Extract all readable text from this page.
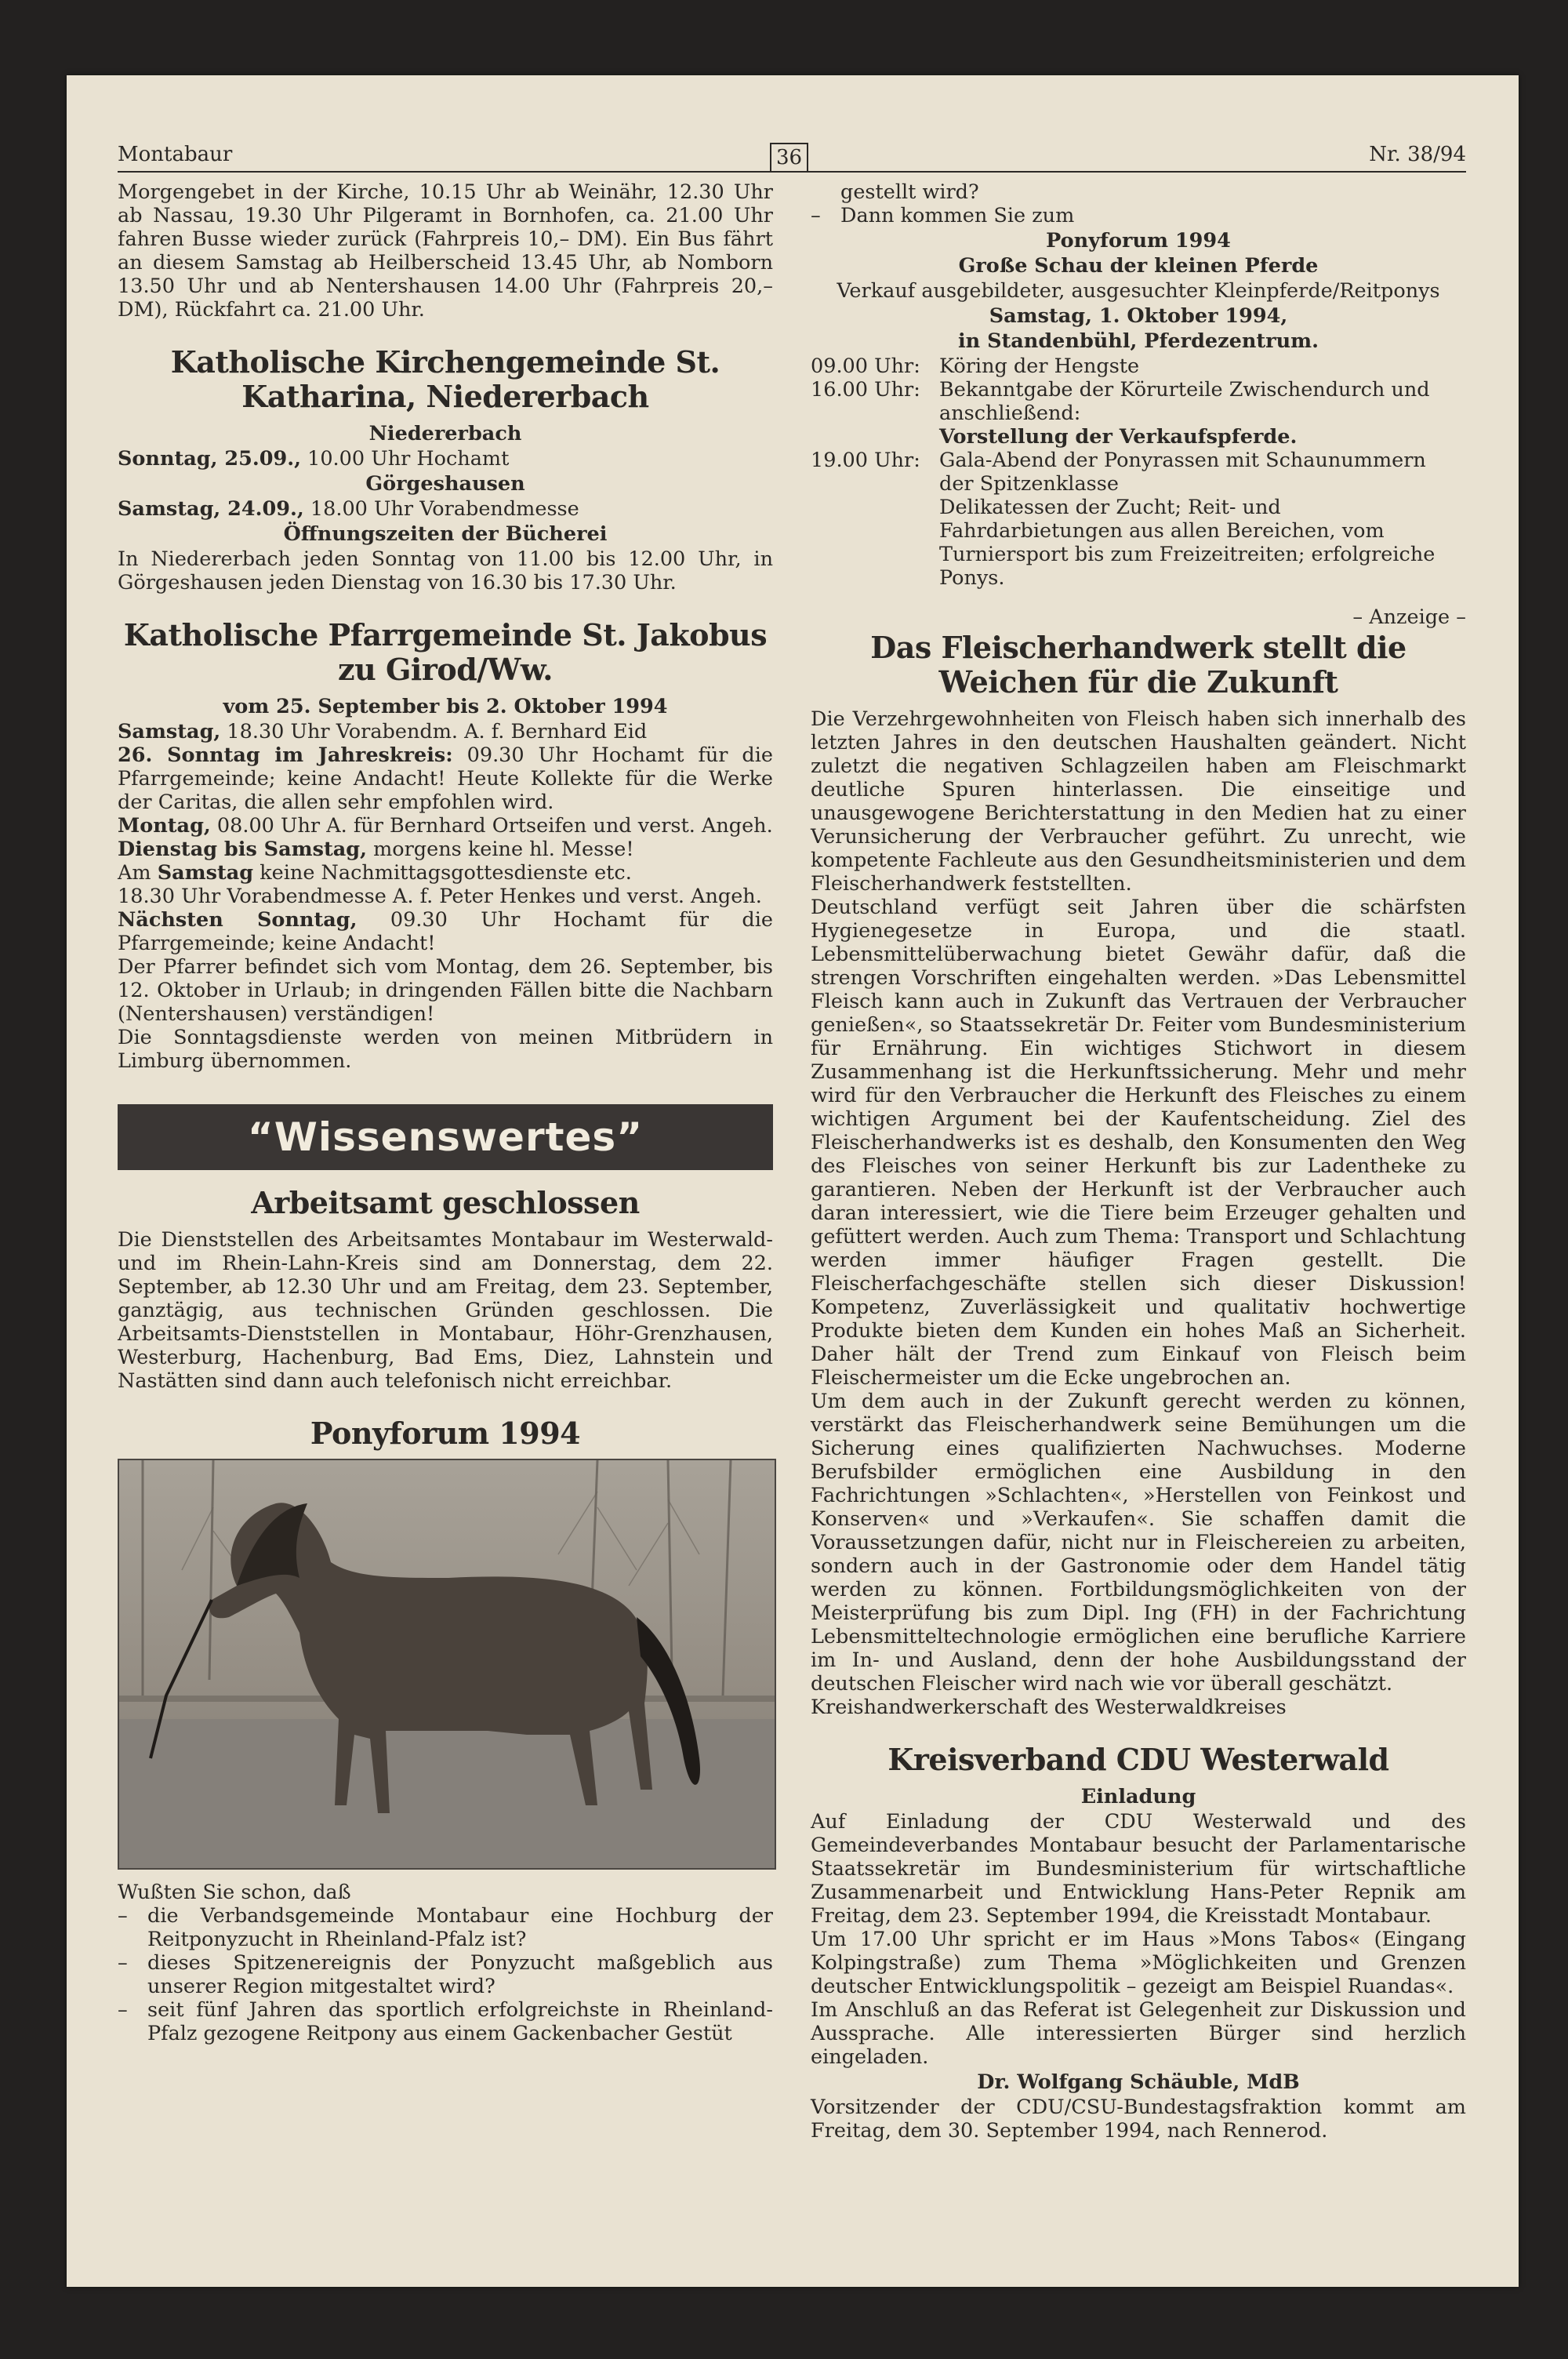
Montabaur	36	Nr. 38/94

Morgengebet in der Kirche, 10.15 Uhr ab Weinähr, 12.30 Uhr ab Nassau, 19.30 Uhr Pilgeramt in Bornhofen, ca. 21.00 Uhr fahren Busse wieder zurück (Fahrpreis 10,– DM). Ein Bus fährt an diesem Samstag ab Heilberscheid 13.45 Uhr, ab Nomborn 13.50 Uhr und ab Nentershausen 14.00 Uhr (Fahrpreis 20,– DM), Rückfahrt ca. 21.00 Uhr.

Katholische Kirchengemeinde St. Katharina, Niedererbach
Niedererbach

Sonntag, 25.09., 10.00 Uhr Hochamt

Görgeshausen

Samstag, 24.09., 18.00 Uhr Vorabendmesse

Öffnungszeiten der Bücherei

In Niedererbach jeden Sonntag von 11.00 bis 12.00 Uhr, in Görgeshausen jeden Dienstag von 16.30 bis 17.30 Uhr.

Katholische Pfarrgemeinde St. Jakobus zu Girod/Ww.
vom 25. September bis 2. Oktober 1994

Samstag, 18.30 Uhr Vorabendm. A. f. Bernhard Eid

26. Sonntag im Jahreskreis: 09.30 Uhr Hochamt für die Pfarrgemeinde; keine Andacht! Heute Kollekte für die Werke der Caritas, die allen sehr empfohlen wird.

Montag, 08.00 Uhr A. für Bernhard Ortseifen und verst. Angeh.

Dienstag bis Samstag, morgens keine hl. Messe!

Am Samstag keine Nachmittagsgottesdienste etc.

18.30 Uhr Vorabendmesse A. f. Peter Henkes und verst. Angeh.

Nächsten Sonntag, 09.30 Uhr Hochamt für die Pfarrgemeinde; keine Andacht!

Der Pfarrer befindet sich vom Montag, dem 26. September, bis 12. Oktober in Urlaub; in dringenden Fällen bitte die Nachbarn (Nentershausen) verständigen!

Die Sonntagsdienste werden von meinen Mitbrüdern in Limburg übernommen.

“Wissenswertes”
Arbeitsamt geschlossen

Die Dienststellen des Arbeitsamtes Montabaur im Westerwald- und im Rhein-Lahn-Kreis sind am Donnerstag, dem 22. September, ab 12.30 Uhr und am Freitag, dem 23. September, ganztägig, aus technischen Gründen geschlossen. Die Arbeitsamts-Dienststellen in Montabaur, Höhr-Grenzhausen, Westerburg, Hachenburg, Bad Ems, Diez, Lahnstein und Nastätten sind dann auch telefonisch nicht erreichbar.

Ponyforum 1994

Wußten Sie schon, daß

– die Verbandsgemeinde Montabaur eine Hochburg der Reitponyzucht in Rheinland-Pfalz ist?
– dieses Spitzenereignis der Ponyzucht maßgeblich aus unserer Region mitgestaltet wird?
– seit fünf Jahren das sportlich erfolgreichste in Rheinland-Pfalz gezogene Reitpony aus einem Gackenbacher Gestüt

gestellt wird?

– Dann kommen Sie zum
Ponyforum 1994
Große Schau der kleinen Pferde
Verkauf ausgebildeter, ausgesuchter Kleinpferde/Reitponys
Samstag, 1. Oktober 1994,
in Standenbühl, Pferdezentrum.
09.00 Uhr: Köring der Hengste
16.00 Uhr: Bekanntgabe der Körurteile Zwischendurch und anschließend:
Vorstellung der Verkaufspferde.
19.00 Uhr: Gala-Abend der Ponyrassen mit Schaunummern der Spitzenklasse
Delikatessen der Zucht; Reit- und Fahrdarbietungen aus allen Bereichen, vom Turniersport bis zum Freizeitreiten; erfolgreiche Ponys.
– Anzeige –
Das Fleischerhandwerk stellt die Weichen für die Zukunft

Die Verzehrgewohnheiten von Fleisch haben sich innerhalb des letzten Jahres in den deutschen Haushalten geändert. Nicht zuletzt die negativen Schlagzeilen haben am Fleischmarkt deutliche Spuren hinterlassen. Die einseitige und unausgewogene Berichterstattung in den Medien hat zu einer Verunsicherung der Verbraucher geführt. Zu unrecht, wie kompetente Fachleute aus den Gesundheitsministerien und dem Fleischerhandwerk feststellten.

Deutschland verfügt seit Jahren über die schärfsten Hygienegesetze in Europa, und die staatl. Lebensmittelüberwachung bietet Gewähr dafür, daß die strengen Vorschriften eingehalten werden. »Das Lebensmittel Fleisch kann auch in Zukunft das Vertrauen der Verbraucher genießen«, so Staatssekretär Dr. Feiter vom Bundesministerium für Ernährung. Ein wichtiges Stichwort in diesem Zusammenhang ist die Herkunftssicherung. Mehr und mehr wird für den Verbraucher die Herkunft des Fleisches zu einem wichtigen Argument bei der Kaufentscheidung. Ziel des Fleischerhandwerks ist es deshalb, den Konsumenten den Weg des Fleisches von seiner Herkunft bis zur Ladentheke zu garantieren. Neben der Herkunft ist der Verbraucher auch daran interessiert, wie die Tiere beim Erzeuger gehalten und gefüttert werden. Auch zum Thema: Transport und Schlachtung werden immer häufiger Fragen gestellt. Die Fleischerfachgeschäfte stellen sich dieser Diskussion! Kompetenz, Zuverlässigkeit und qualitativ hochwertige Produkte bieten dem Kunden ein hohes Maß an Sicherheit. Daher hält der Trend zum Einkauf von Fleisch beim Fleischermeister um die Ecke ungebrochen an.

Um dem auch in der Zukunft gerecht werden zu können, verstärkt das Fleischerhandwerk seine Bemühungen um die Sicherung eines qualifizierten Nachwuchses. Moderne Berufsbilder ermöglichen eine Ausbildung in den Fachrichtungen »Schlachten«, »Herstellen von Feinkost und Konserven« und »Verkaufen«. Sie schaffen damit die Voraussetzungen dafür, nicht nur in Fleischereien zu arbeiten, sondern auch in der Gastronomie oder dem Handel tätig werden zu können. Fortbildungsmöglichkeiten von der Meisterprüfung bis zum Dipl. Ing (FH) in der Fachrichtung Lebensmitteltechnologie ermöglichen eine berufliche Karriere im In- und Ausland, denn der hohe Ausbildungsstand der deutschen Fleischer wird nach wie vor überall geschätzt.

Kreishandwerkerschaft des Westerwaldkreises

Kreisverband CDU Westerwald
Einladung

Auf Einladung der CDU Westerwald und des Gemeindeverbandes Montabaur besucht der Parlamentarische Staatssekretär im Bundesministerium für wirtschaftliche Zusammenarbeit und Entwicklung Hans-Peter Repnik am Freitag, dem 23. September 1994, die Kreisstadt Montabaur.

Um 17.00 Uhr spricht er im Haus »Mons Tabos« (Eingang Kolpingstraße) zum Thema »Möglichkeiten und Grenzen deutscher Entwicklungspolitik – gezeigt am Beispiel Ruandas«.

Im Anschluß an das Referat ist Gelegenheit zur Diskussion und Aussprache. Alle interessierten Bürger sind herzlich eingeladen.

Dr. Wolfgang Schäuble, MdB

Vorsitzender der CDU/CSU-Bundestagsfraktion kommt am Freitag, dem 30. September 1994, nach Rennerod.
